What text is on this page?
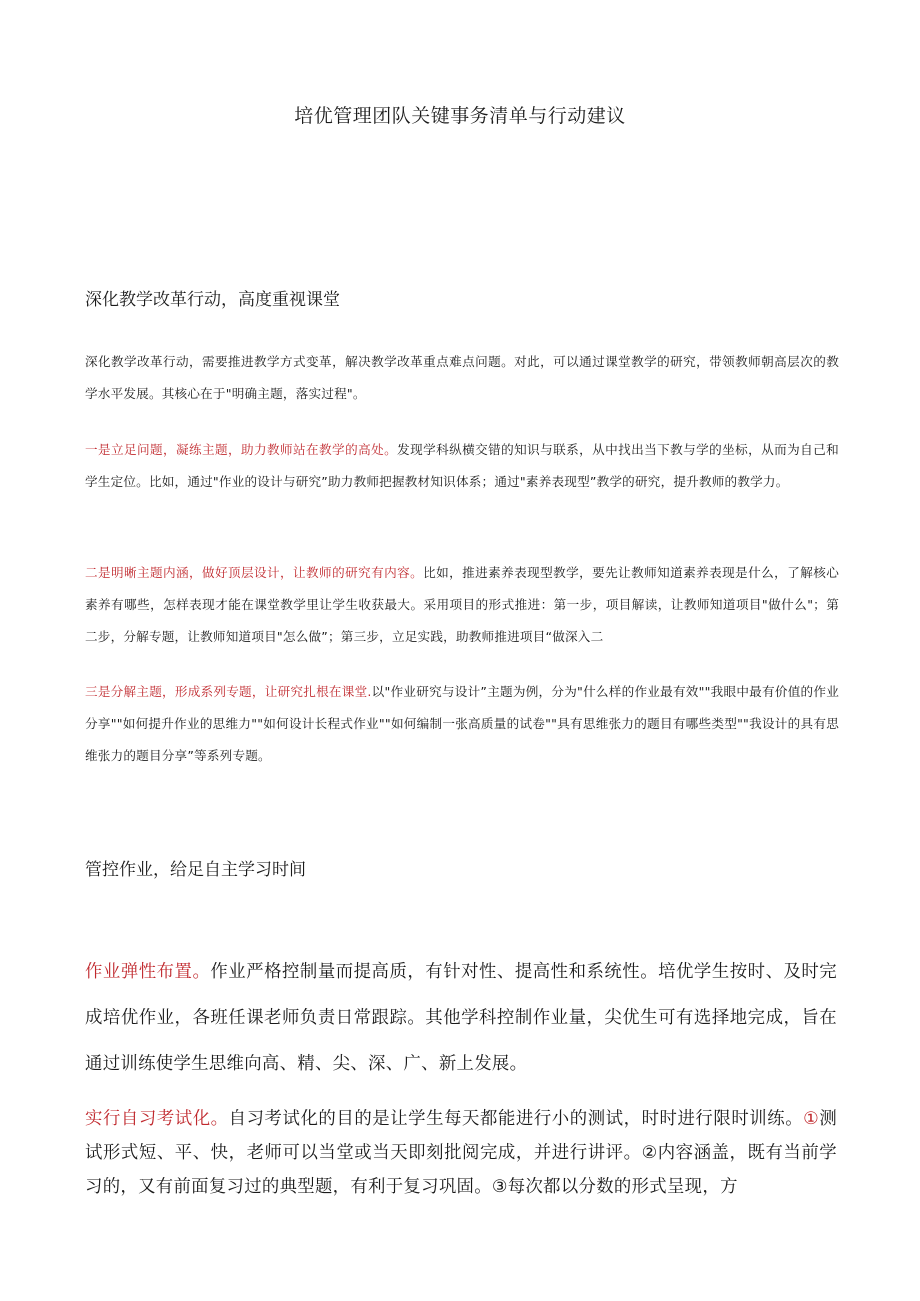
培优管理团队关键事务清单与行动建议
深化教学改革行动，高度重视课堂

深化教学改革行动，需要推进教学方式变革，解决教学改革重点难点问题。对此，可以通过课堂教学的研究，带领教师朝高层次的教学水平发展。其核心在于"明确主题，落实过程"。

一是立足问题，凝练主题，助力教师站在教学的高处。发现学科纵横交错的知识与联系，从中找出当下教与学的坐标，从而为自己和学生定位。比如，通过"作业的设计与研究”助力教师把握教材知识体系；通过"素养表现型”教学的研究，提升教师的教学力。

二是明晰主题内涵，做好顶层设计，让教师的研究有内容。比如，推进素养表现型教学，要先让教师知道素养表现是什么，了解核心素养有哪些，怎样表现才能在课堂教学里让学生收获最大。采用项目的形式推进：第一步，项目解读，让教师知道项目"做什么"；第二步，分解专题，让教师知道项目"怎么做”；第三步，立足实践，助教师推进项目“做深入二

三是分解主题，形成系列专题，让研究扎根在课堂.以"作业研究与设计”主题为例，分为"什么样的作业最有效""我眼中最有价值的作业分享""如何提升作业的思维力""如何设计长程式作业""如何编制一张高质量的试卷""具有思维张力的题目有哪些类型""我设计的具有思维张力的题目分享”等系列专题。

管控作业，给足自主学习时间

作业弹性布置。作业严格控制量而提高质，有针对性、提高性和系统性。培优学生按时、及时完成培优作业，各班任课老师负责日常跟踪。其他学科控制作业量，尖优生可有选择地完成，旨在通过训练使学生思维向高、精、尖、深、广、新上发展。

实行自习考试化。自习考试化的目的是让学生每天都能进行小的测试，时时进行限时训练。①测试形式短、平、快，老师可以当堂或当天即刻批阅完成，并进行讲评。②内容涵盖，既有当前学习的，又有前面复习过的典型题，有利于复习巩固。③每次都以分数的形式呈现，方
